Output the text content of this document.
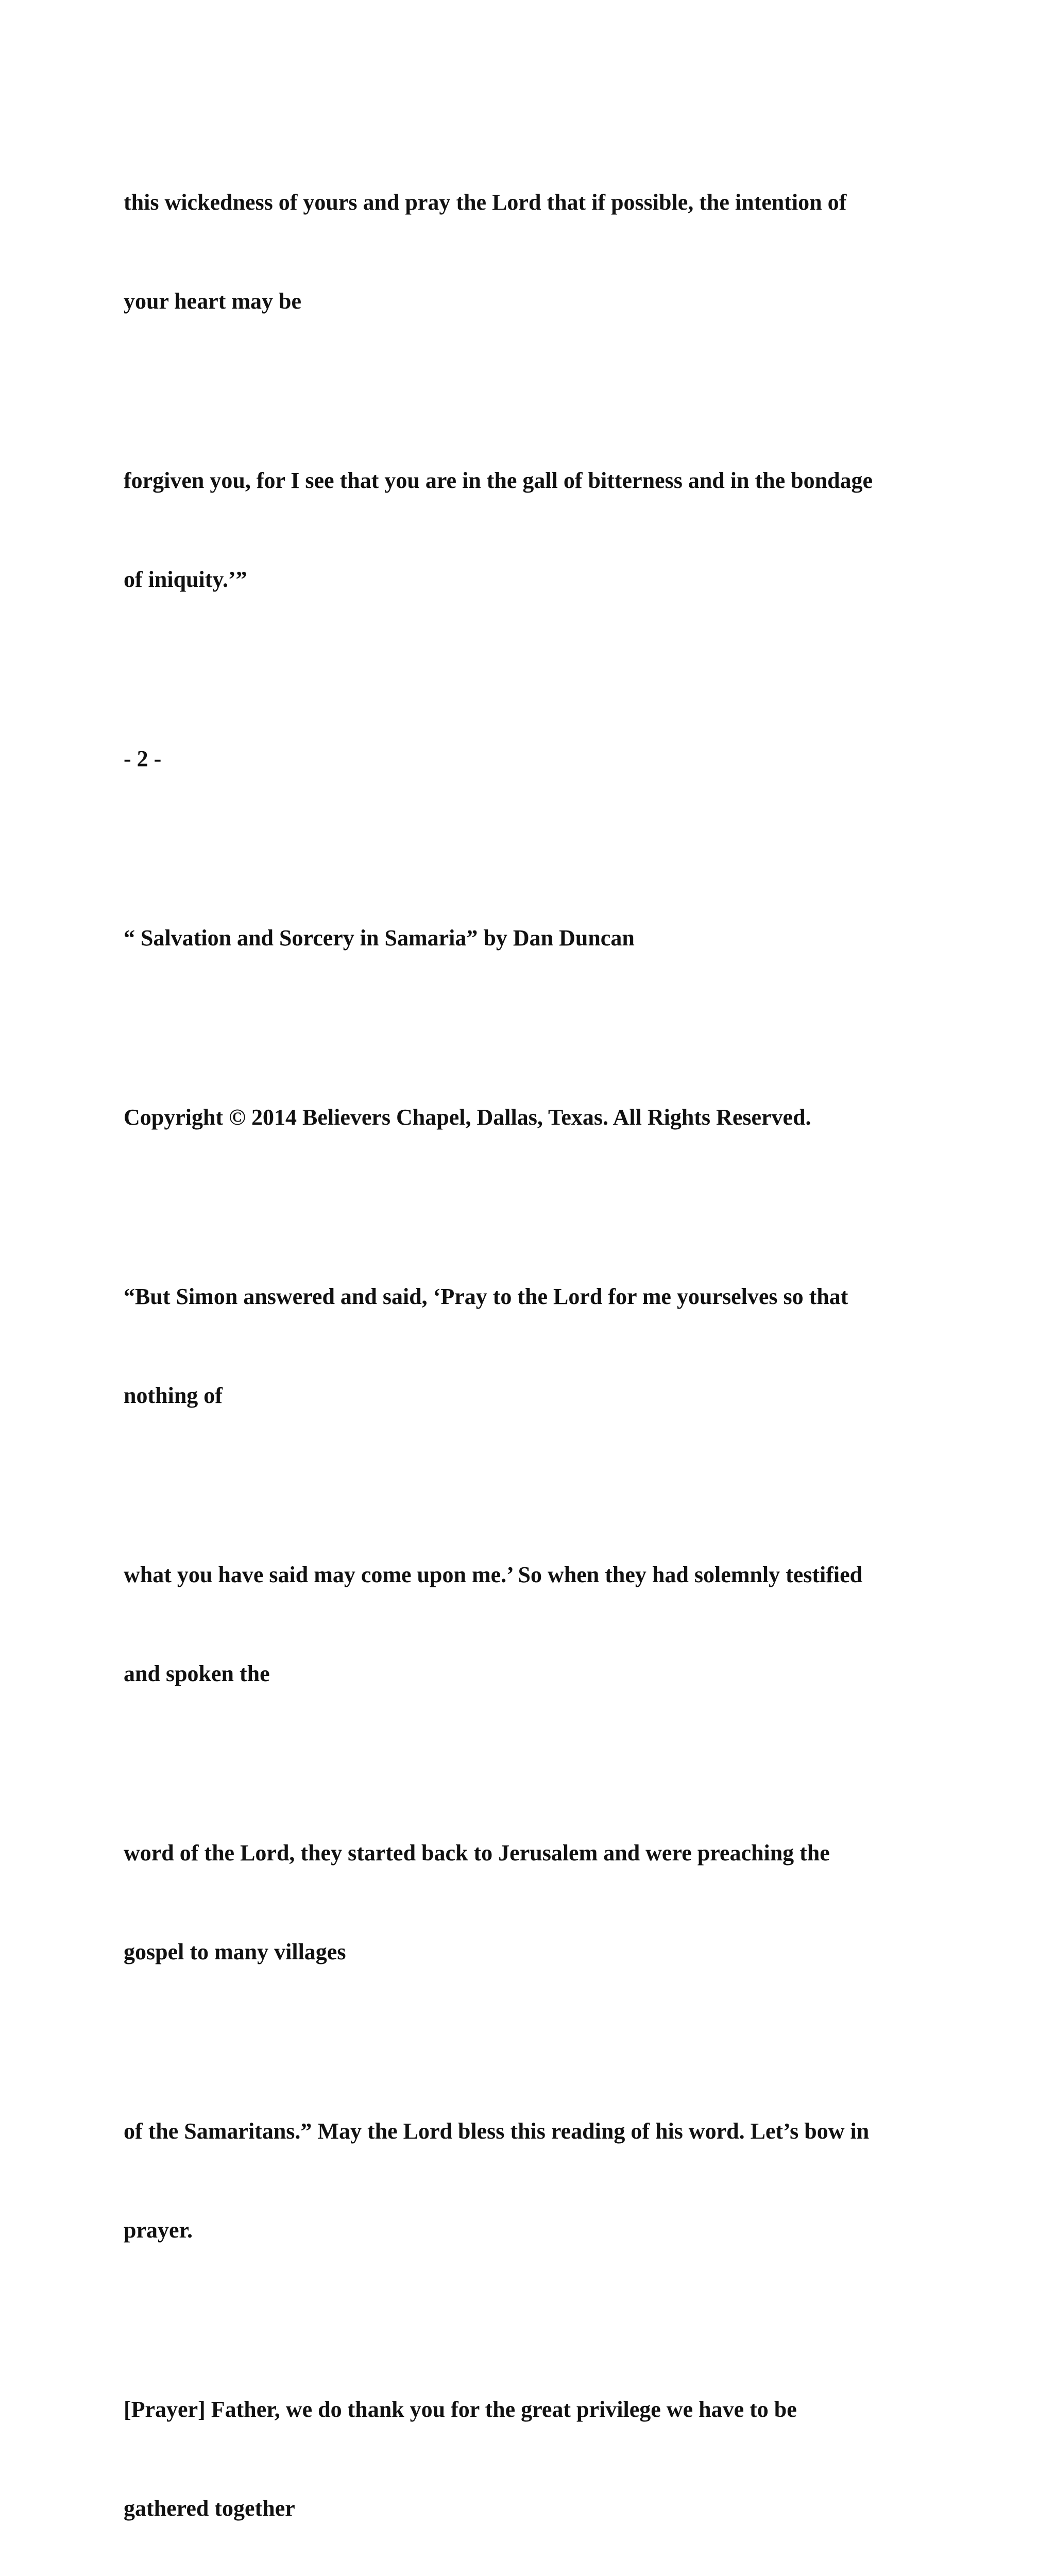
this wickedness of yours and pray the Lord that if possible, the intention of

your heart may be

forgiven you, for I see that you are in the gall of bitterness and in the bondage

of iniquity.’”

- 2 -

“ Salvation and Sorcery in Samaria” by Dan Duncan

Copyright © 2014 Believers Chapel, Dallas, Texas. All Rights Reserved.

“But Simon answered and said, ‘Pray to the Lord for me yourselves so that

nothing of

what you have said may come upon me.’ So when they had solemnly testified

and spoken the

word of the Lord, they started back to Jerusalem and were preaching the

gospel to many villages

of the Samaritans.” May the Lord bless this reading of his word. Let’s bow in

prayer.

[Prayer] Father, we do thank you for the great privilege we have to be

gathered together
